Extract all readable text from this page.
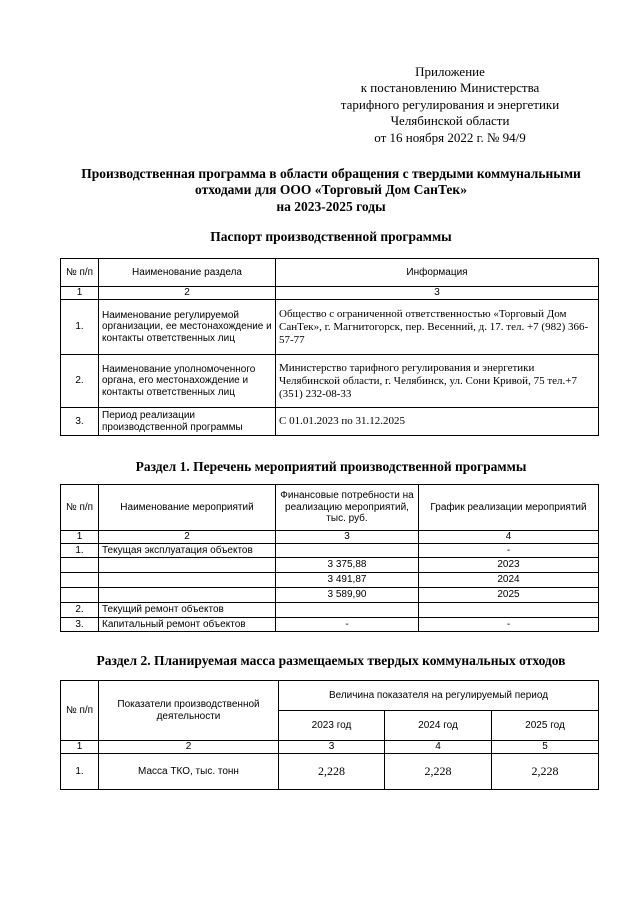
Приложение
к постановлению Министерства
тарифного регулирования и энергетики
Челябинской области
от 16 ноября 2022 г. № 94/9
Производственная программа в области обращения с твердыми коммунальными
отходами для ООО «Торговый Дом СанТек»
на 2023-2025 годы
Паспорт производственной программы
№ п/п	Наименование раздела	Информация
1	2	3
1.	Наименование регулируемой организации, ее местонахождение и контакты ответственных лиц	Общество с ограниченной ответственностью «Торговый Дом СанТек», г. Магнитогорск, пер. Весенний, д. 17. тел. +7 (982) 366-57-77
2.	Наименование уполномоченного органа, его местонахождение и контакты ответственных лиц	Министерство тарифного регулирования и энергетики Челябинской области, г. Челябинск, ул. Сони Кривой, 75 тел.+7 (351) 232-08-33
3.	Период реализации производственной программы	С 01.01.2023 по 31.12.2025
Раздел 1. Перечень мероприятий производственной программы
№ п/п	Наименование мероприятий	Финансовые потребности на реализацию мероприятий, тыс. руб.	График реализации мероприятий
1	2	3	4
1.	Текущая эксплуатация объектов		-
		3 375,88	2023
		3 491,87	2024
		3 589,90	2025
2.	Текущий ремонт объектов		
3.	Капитальный ремонт объектов	-	-
Раздел 2. Планируемая масса размещаемых твердых коммунальных отходов
№ п/п	Показатели производственной деятельности	Величина показателя на регулируемый период		
		2023 год	2024 год	2025 год
1	2	3	4	5
1.	Масса ТКО, тыс. тонн	2,228	2,228	2,228
